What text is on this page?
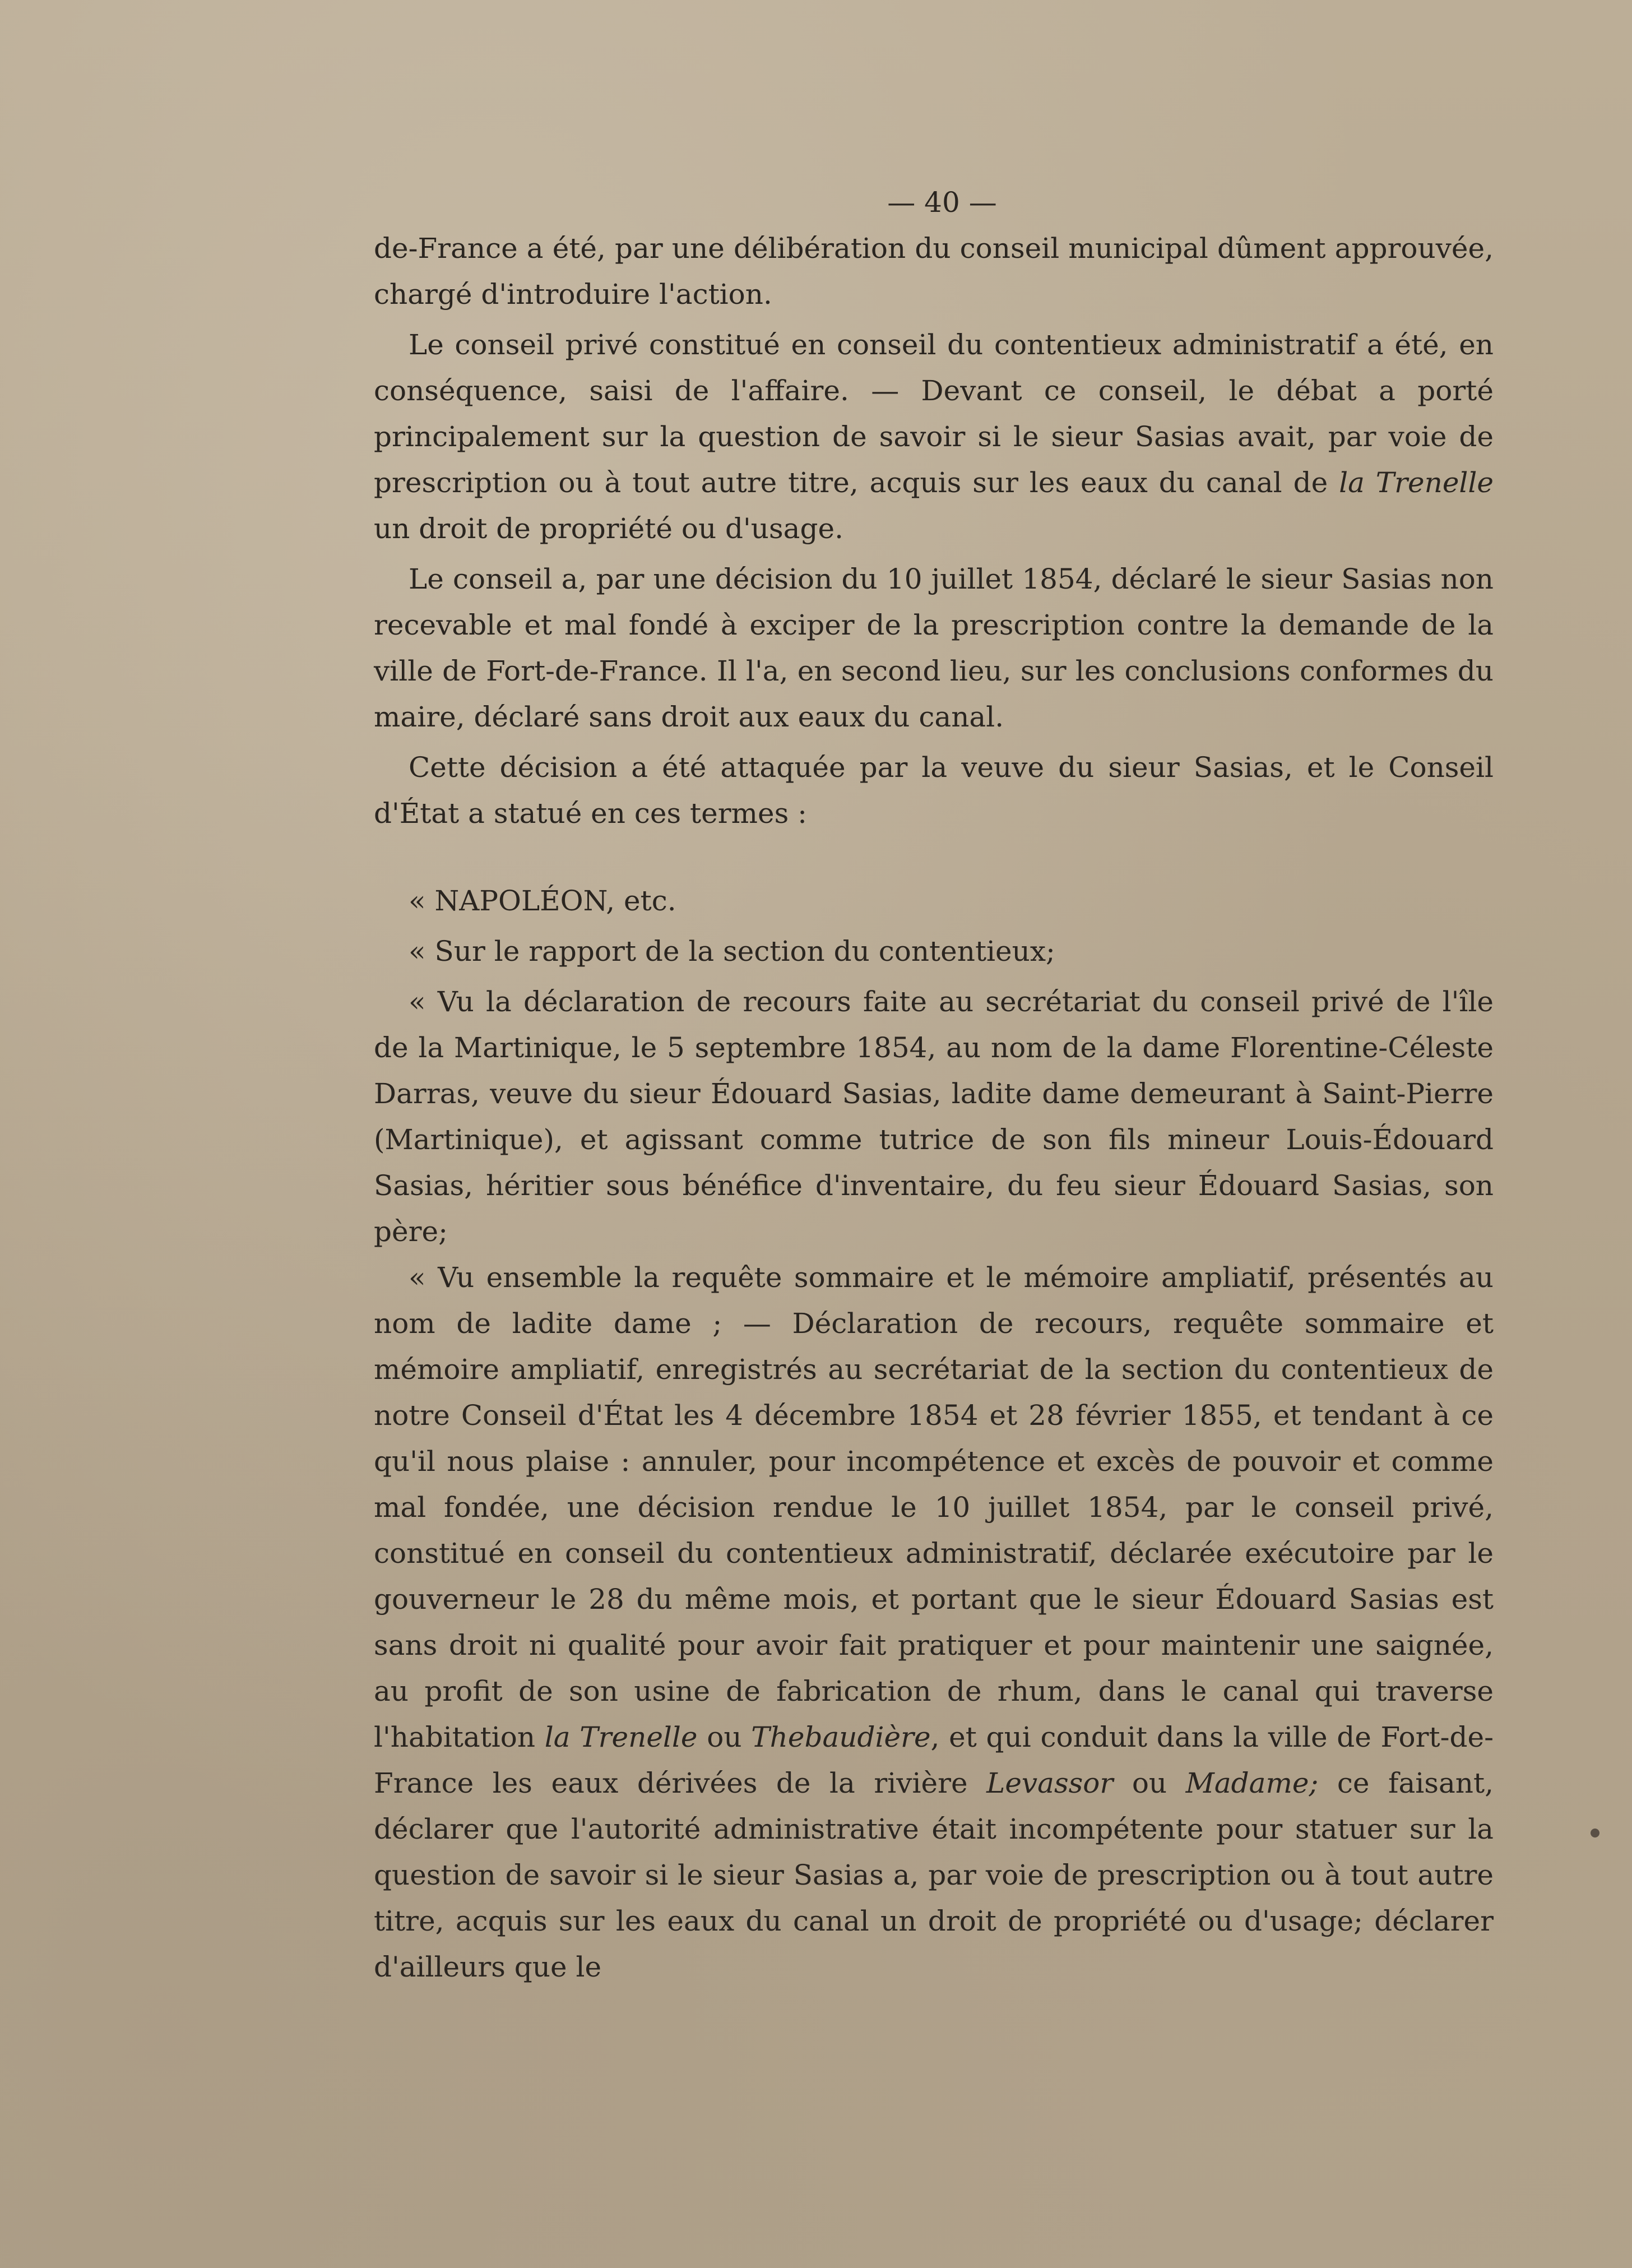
— 40 —

de-France a été, par une délibération du conseil municipal dûment approuvée, chargé d'introduire l'action.

Le conseil privé constitué en conseil du contentieux administratif a été, en conséquence, saisi de l'affaire. — Devant ce conseil, le débat a porté principalement sur la question de savoir si le sieur Sasias avait, par voie de prescription ou à tout autre titre, acquis sur les eaux du canal de la Trenelle un droit de propriété ou d'usage.

Le conseil a, par une décision du 10 juillet 1854, déclaré le sieur Sasias non recevable et mal fondé à exciper de la prescription contre la demande de la ville de Fort-de-France. Il l'a, en second lieu, sur les conclusions conformes du maire, déclaré sans droit aux eaux du canal.

Cette décision a été attaquée par la veuve du sieur Sasias, et le Conseil d'État a statué en ces termes :

« NAPOLÉON, etc.

« Sur le rapport de la section du contentieux;

« Vu la déclaration de recours faite au secrétariat du conseil privé de l'île de la Martinique, le 5 septembre 1854, au nom de la dame Florentine-Céleste Darras, veuve du sieur Édouard Sasias, ladite dame demeurant à Saint-Pierre (Martinique), et agissant comme tutrice de son fils mineur Louis-Édouard Sasias, héritier sous bénéfice d'inventaire, du feu sieur Édouard Sasias, son père;

« Vu ensemble la requête sommaire et le mémoire ampliatif, présentés au nom de ladite dame ; — Déclaration de recours, requête sommaire et mémoire ampliatif, enregistrés au secrétariat de la section du contentieux de notre Conseil d'État les 4 décembre 1854 et 28 février 1855, et tendant à ce qu'il nous plaise : annuler, pour incompétence et excès de pouvoir et comme mal fondée, une décision rendue le 10 juillet 1854, par le conseil privé, constitué en conseil du contentieux administratif, déclarée exécutoire par le gouverneur le 28 du même mois, et portant que le sieur Édouard Sasias est sans droit ni qualité pour avoir fait pratiquer et pour maintenir une saignée, au profit de son usine de fabrication de rhum, dans le canal qui traverse l'habitation la Trenelle ou Thebaudière, et qui conduit dans la ville de Fort-de-France les eaux dérivées de la rivière Levassor ou Madame; ce faisant, déclarer que l'autorité administrative était incompétente pour statuer sur la question de savoir si le sieur Sasias a, par voie de prescription ou à tout autre titre, acquis sur les eaux du canal un droit de propriété ou d'usage; déclarer d'ailleurs que le
